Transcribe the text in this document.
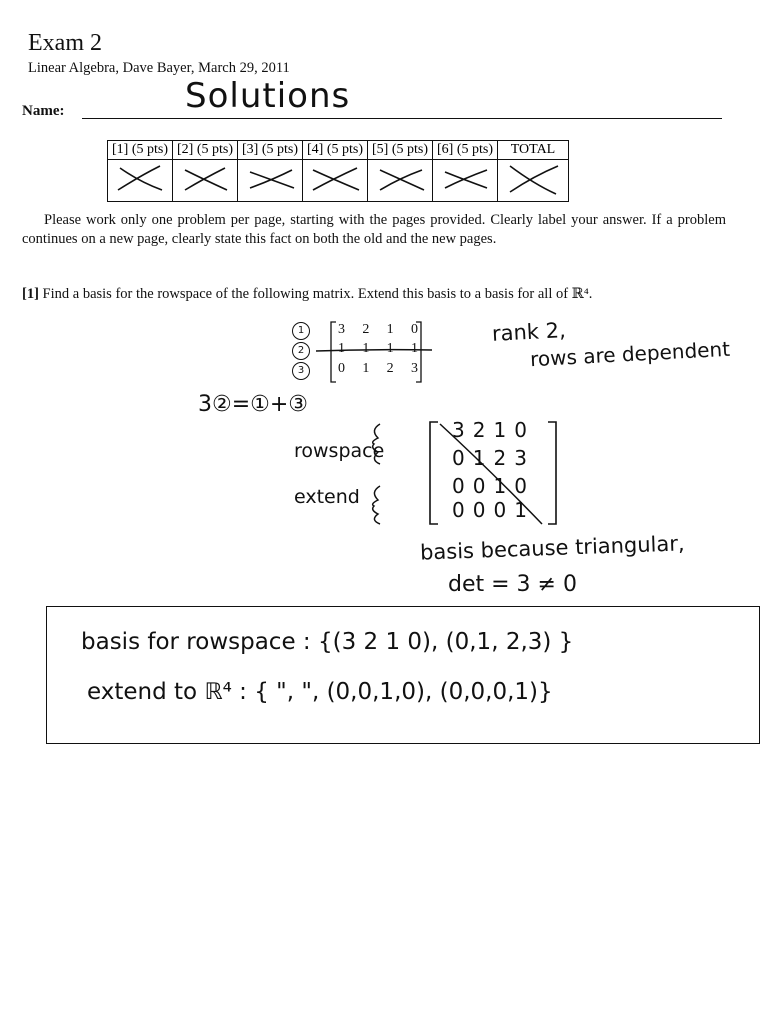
Exam 2
Linear Algebra, Dave Bayer, March 29, 2011
Name:	Solutions
[1] (5 pts)	[2] (5 pts)	[3] (5 pts)	[4] (5 pts)	[5] (5 pts)	[6] (5 pts)	TOTAL

Please work only one problem per page, starting with the pages provided. Clearly label your answer. If a problem continues on a new page, clearly state this fact on both the old and the new pages.
[1] Find a basis for the rowspace of the following matrix. Extend this basis to a basis for all of ℝ⁴.
1
2
3
3 2 1 0
1 1 1 1
0 1 2 3
rank 2,
rows are dependent
3②=①+③
rowspace
extend
3210
0123
0010
0001
basis because triangular,
det = 3 ≠ 0
basis for rowspace : {(3 2 1 0), (0,1, 2,3) }
extend to ℝ⁴ : { ", ", (0,0,1,0), (0,0,0,1)}
